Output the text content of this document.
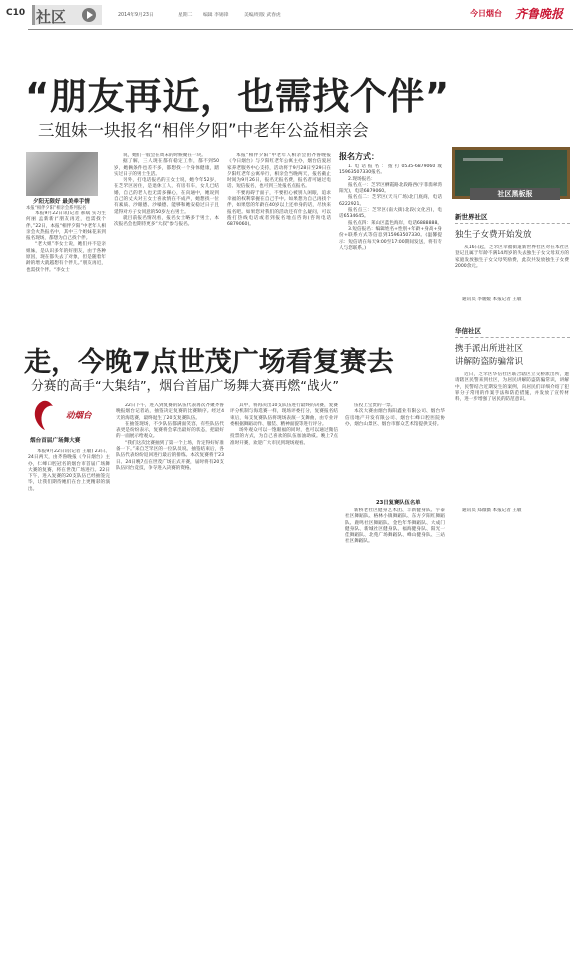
C10 社区	2014年9月23日	星期二 编辑 李锡锋	美编/组版 武春虎	今日烟台 齐鲁晚报
“朋友再近，也需找个伴”
三姐妹一块报名“相伴夕阳”中老年公益相亲会
夕阳无限好 最美牵手情
本报“相伴夕阳”相亲会系列报名

本报9月22日讯(记者 郝斌 实习生 何丽 孟新新)“朋友再近，也需找个伴。”22日，本报“相伴夕阳”中老年人相亲会火热报名中，其中三个姐妹花来到报名现场，都想为自己找个伴。

“老大姐”李女士说，她们并不是亲姐妹，是认识多年的好朋友，由于各种原因，现在都失去了对象，但是随着年龄的增大就越想有个伴儿。”朋友再近，也需找个伴。“李女士

说，她们一般会在周末的时候聚在一块。

据了解，三人现在都有稳定工作，都不到50岁，她俩条件也差不多，都想找一个身体健康，踏实过日子的男士生活。

另外，打电话报名的王女士说，她今年52岁，在芝罘区居住，是退休工人，有房有车，女儿已结婚，自己的老人也无需多操心，在向通中，她说到自己的丈夫对王女士喜欢情在不成声，她想找一位有素质、沙眼德、沙嗓德、能够和她安稳过日子且延得对方子女同意的50岁左右男士。

就目前报名情况看，报名女士略多于男士，本次报名会也期待更多“大叔”参与报名。

本报“相伴夕阳”中老年人相亲会由齐鲁晚报《今日烟台》与夕阳红老年公寓主办，烟台信爱居家养老服务中心支持，活动将于9月28日至29日在夕阳红老年公寓举行，相亲会当晚两天，报名截止时间为9月26日，报名无报名费，报名者可通过电话、短信报名，也可到三处报名点报名。

不要再碍于面子，不要担心被别人闲眼，追求幸福的权利掌握在自己手中。如果想为自己再找个伴，如果您的年龄在40岁以上还单身的话，尽快来报名吧。如果您对我们的活动还有什么疑问，可以拨打热线电话或者到报名地点咨询(咨询电话6879060)。

报名方式：

1.电话报名：拨打0535-6879060或15963507330报名。

2.现场报名：

报名点一：芝罘区栖霞路北段路西(宇菲翡翠湾阳光)，电话6879060。

报名点二：芝罘区(天马广场)北门底商，电话6222921。

报名点三：芝罘区(南大街)北段(文化宫)，电话6534645。

报名点四：莱山区蓝色海岸，电话6888888。

3.短信报名：编辑姓名+性别+年龄+身高+身份+联系方式等信息到15963507330。(温馨提示：短信请在每天9:00至17:00期间发送，将有专人与您联系。)

社区黑板报
新世界社区
独生子女费开始发放

从16日起，芝罘区幸福街道新世界社区对在本社区登记且属于年龄不满14周岁的失去独生子女父母双方的家庭发放独生子女父母奖励费，此次共发放独生子女费2000余元。

通讯员 李媛媛 本报记者 王敏
华信社区
携手派出所进社区
讲解防盗防骗常识

近日，芝罘区华信社区联合辖区立交桥派出所，邀请辖区民警来到社区，为居民讲解防盗防骗常识，讲解中，民警结合近期发生的案例，向居民们详细介绍了犯罪分子常用的作案手法和防范措施，并发放了宣传材料，进一步增强了居民的防范意识。

通讯员 郑薇薇 本报记者 王敏
走，今晚7点世茂广场看复赛去
分赛的高手“大集结”，烟台首届广场舞大赛再燃“战火”
动烟台
烟台首届广场舞大赛

本报9月22日讯(记者 王敏) 23日、24日两天，由齐鲁晚报《今日烟台》主办，仁峰口腔冠名的烟台市首届广场舞大赛的复赛，将在世茂广场进行。22日下午，进入复赛的20支队伍已经抽签完毕，让我们期待她们在台上更精彩的演出。

22日下午，进入到复赛的队伍代表再次齐聚齐鲁晚报烟台记者站，抽签决定复赛的比赛顺序。经过4天的海选赛，最终诞生了20支复赛队伍。

在抽签现场，不少队伍都满面笑容，有些队伍代表更是纷纷表示，复赛将会拿出最好的状态，把最好的一面展示给观众。

“我们这次比赛抽到了第一个上场，肯定得好好准备一下。”来自芝罘区的一位队员说。抽签结束后，各队伍代表纷纷返回进行最后的排练。本次复赛将于23日、24日晚7点在世茂广场正式开赛，届时将有20支队伍同台竞技，争夺进入决赛的资格。

其中，将再决出10支队伍进行最终的决赛，复赛评分机制与海选赛一样，现场评委打分，复赛报名结束后，每支复赛队伍将现场表演一支舞曲，由专业评委根据舞蹈动作、服装、精神面貌等进行评分。

场外观众可以一饱眼福的同时，也可以通过微信投票的方式，为自己喜欢的队伍加油助威。晚上7点准时开赛，欢迎广大市民到现场观看。

伍投上宝贵的一票。

本次大赛由烟台海阳鑫业有限公司、烟台华信房地产开发有限公司、烟台仁峰口腔医院协办，烟台山景区、烟台市群众艺术馆提供支持。

23日复赛队伍名单

新桥老社区健身艺术团、丰新健身队、宇泰社区舞蹈队、格林小镇舞蹈队、东方夕阳红舞蹈队、鹿鸣社区舞蹈队、金色年华舞蹈队、大成门健身队、新城社区健身队、福海健身队、阳光一佳舞蹈队、北苑广场舞蹈队、峰山健身队、三站社区舞蹈队。
